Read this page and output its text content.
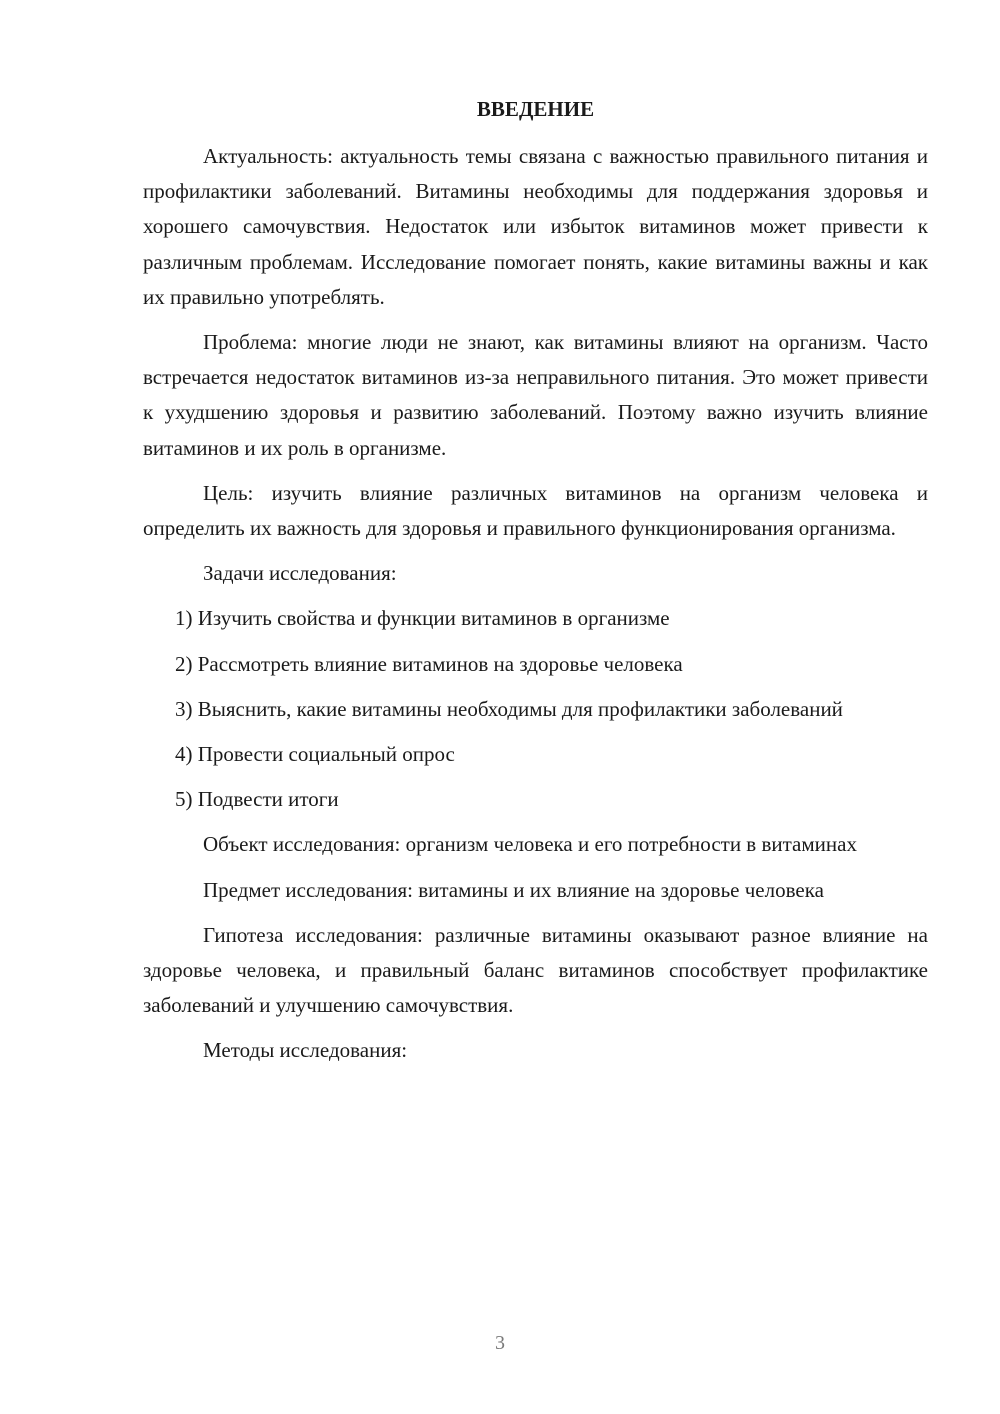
ВВЕДЕНИЕ

Актуальность: актуальность темы связана с важностью правильного питания и профилактики заболеваний. Витамины необходимы для поддержания здоровья и хорошего самочувствия. Недостаток или избыток витаминов может привести к различным проблемам. Исследование помогает понять, какие витамины важны и как их правильно употреблять.

Проблема: многие люди не знают, как витамины влияют на организм. Часто встречается недостаток витаминов из-за неправильного питания. Это может привести к ухудшению здоровья и развитию заболеваний. Поэтому важно изучить влияние витаминов и их роль в организме.

Цель: изучить влияние различных витаминов на организм человека и определить их важность для здоровья и правильного функционирования организма.

Задачи исследования:

1) Изучить свойства и функции витаминов в организме

2) Рассмотреть влияние витаминов на здоровье человека

3) Выяснить, какие витамины необходимы для профилактики заболеваний

4) Провести социальный опрос

5) Подвести итоги

Объект исследования: организм человека и его потребности в витаминах

Предмет исследования: витамины и их влияние на здоровье человека

Гипотеза исследования: различные витамины оказывают разное влияние на здоровье человека, и правильный баланс витаминов способствует профилактике заболеваний и улучшению самочувствия.

Методы исследования:

3
